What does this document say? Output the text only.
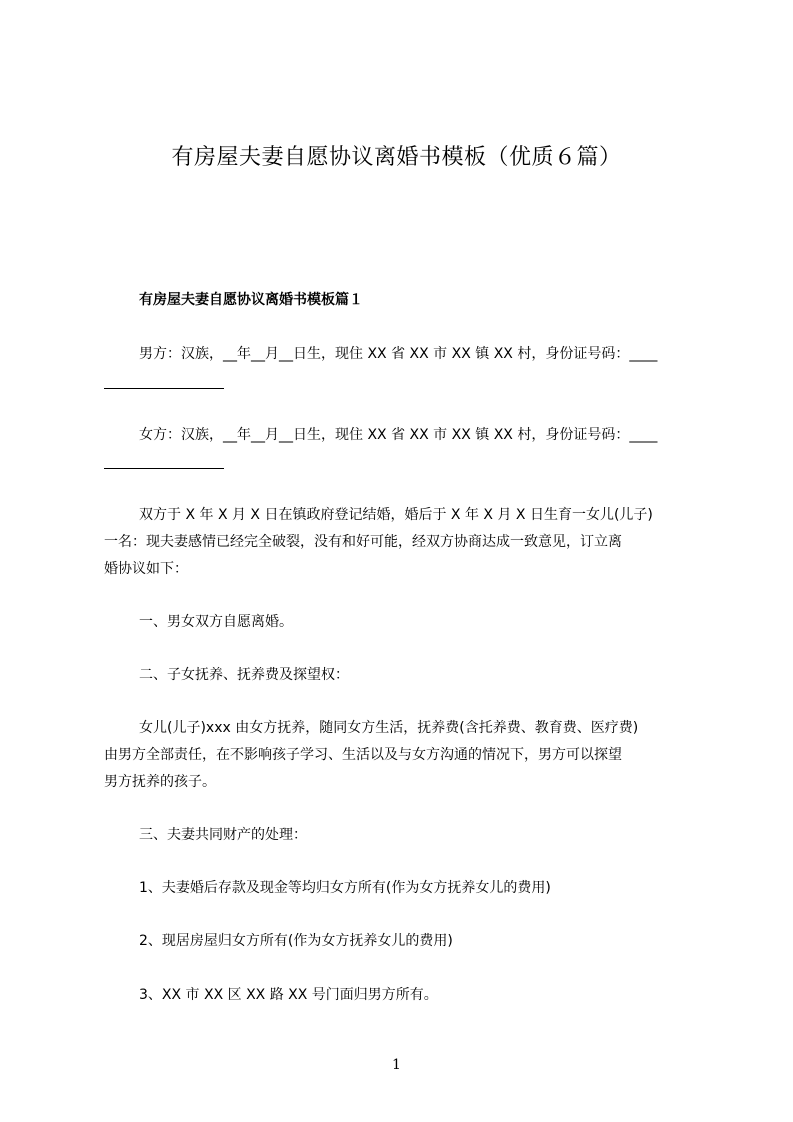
有房屋夫妻自愿协议离婚书模板（优质６篇）
有房屋夫妻自愿协议离婚书模板篇１
男方：汉族，__年__月__日生，现住 XX 省 XX 市 XX 镇 XX 村，身份证号码：____
女方：汉族，__年__月__日生，现住 XX 省 XX 市 XX 镇 XX 村，身份证号码：____
双方于 X 年 X 月 X 日在镇政府登记结婚，婚后于 X 年 X 月 X 日生育一女儿(儿子)
一名：现夫妻感情已经完全破裂，没有和好可能，经双方协商达成一致意见，订立离
婚协议如下：
一、男女双方自愿离婚。
二、子女抚养、抚养费及探望权：
女儿(儿子)xxx 由女方抚养，随同女方生活，抚养费(含托养费、教育费、医疗费)
由男方全部责任，在不影响孩子学习、生活以及与女方沟通的情况下，男方可以探望
男方抚养的孩子。
三、夫妻共同财产的处理：
1、夫妻婚后存款及现金等均归女方所有(作为女方抚养女儿的费用)
2、现居房屋归女方所有(作为女方抚养女儿的费用)
3、XX 市 XX 区 XX 路 XX 号门面归男方所有。
1
